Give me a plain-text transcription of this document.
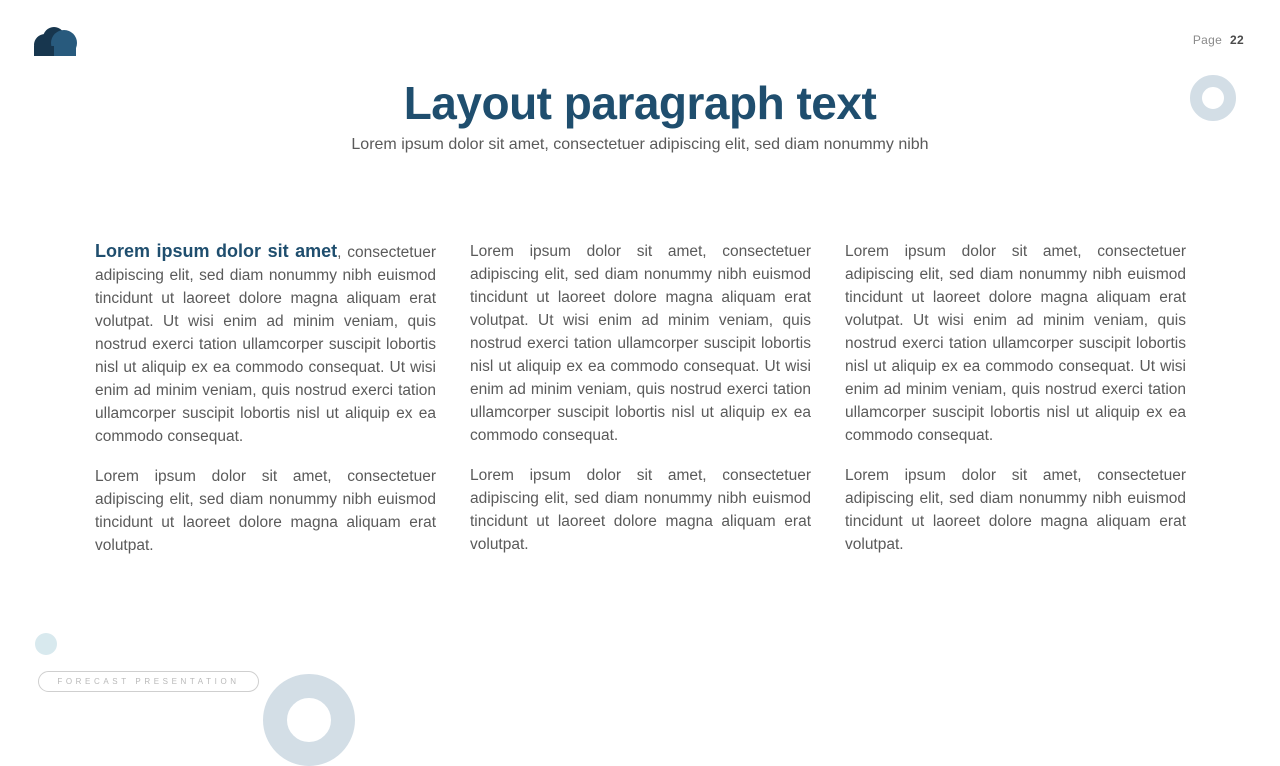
Page 22
FORECAST PRESENTATION
Layout paragraph text
Lorem ipsum dolor sit amet, consectetuer adipiscing elit, sed diam nonummy nibh

Lorem ipsum dolor sit amet, consectetuer adipiscing elit, sed diam nonummy nibh euismod tincidunt ut laoreet dolore magna aliquam erat volutpat. Ut wisi enim ad minim veniam, quis nostrud exerci tation ullamcorper suscipit lobortis nisl ut aliquip ex ea commodo consequat. Ut wisi enim ad minim veniam, quis nostrud exerci tation ullamcorper suscipit lobortis nisl ut aliquip ex ea commodo consequat.

Lorem ipsum dolor sit amet, consectetuer adipiscing elit, sed diam nonummy nibh euismod tincidunt ut laoreet dolore magna aliquam erat volutpat.

Lorem ipsum dolor sit amet, consectetuer adipiscing elit, sed diam nonummy nibh euismod tincidunt ut laoreet dolore magna aliquam erat volutpat. Ut wisi enim ad minim veniam, quis nostrud exerci tation ullamcorper suscipit lobortis nisl ut aliquip ex ea commodo consequat. Ut wisi enim ad minim veniam, quis nostrud exerci tation ullamcorper suscipit lobortis nisl ut aliquip ex ea commodo consequat.

Lorem ipsum dolor sit amet, consectetuer adipiscing elit, sed diam nonummy nibh euismod tincidunt ut laoreet dolore magna aliquam erat volutpat.

Lorem ipsum dolor sit amet, consectetuer adipiscing elit, sed diam nonummy nibh euismod tincidunt ut laoreet dolore magna aliquam erat volutpat. Ut wisi enim ad minim veniam, quis nostrud exerci tation ullamcorper suscipit lobortis nisl ut aliquip ex ea commodo consequat. Ut wisi enim ad minim veniam, quis nostrud exerci tation ullamcorper suscipit lobortis nisl ut aliquip ex ea commodo consequat.

Lorem ipsum dolor sit amet, consectetuer adipiscing elit, sed diam nonummy nibh euismod tincidunt ut laoreet dolore magna aliquam erat volutpat.
